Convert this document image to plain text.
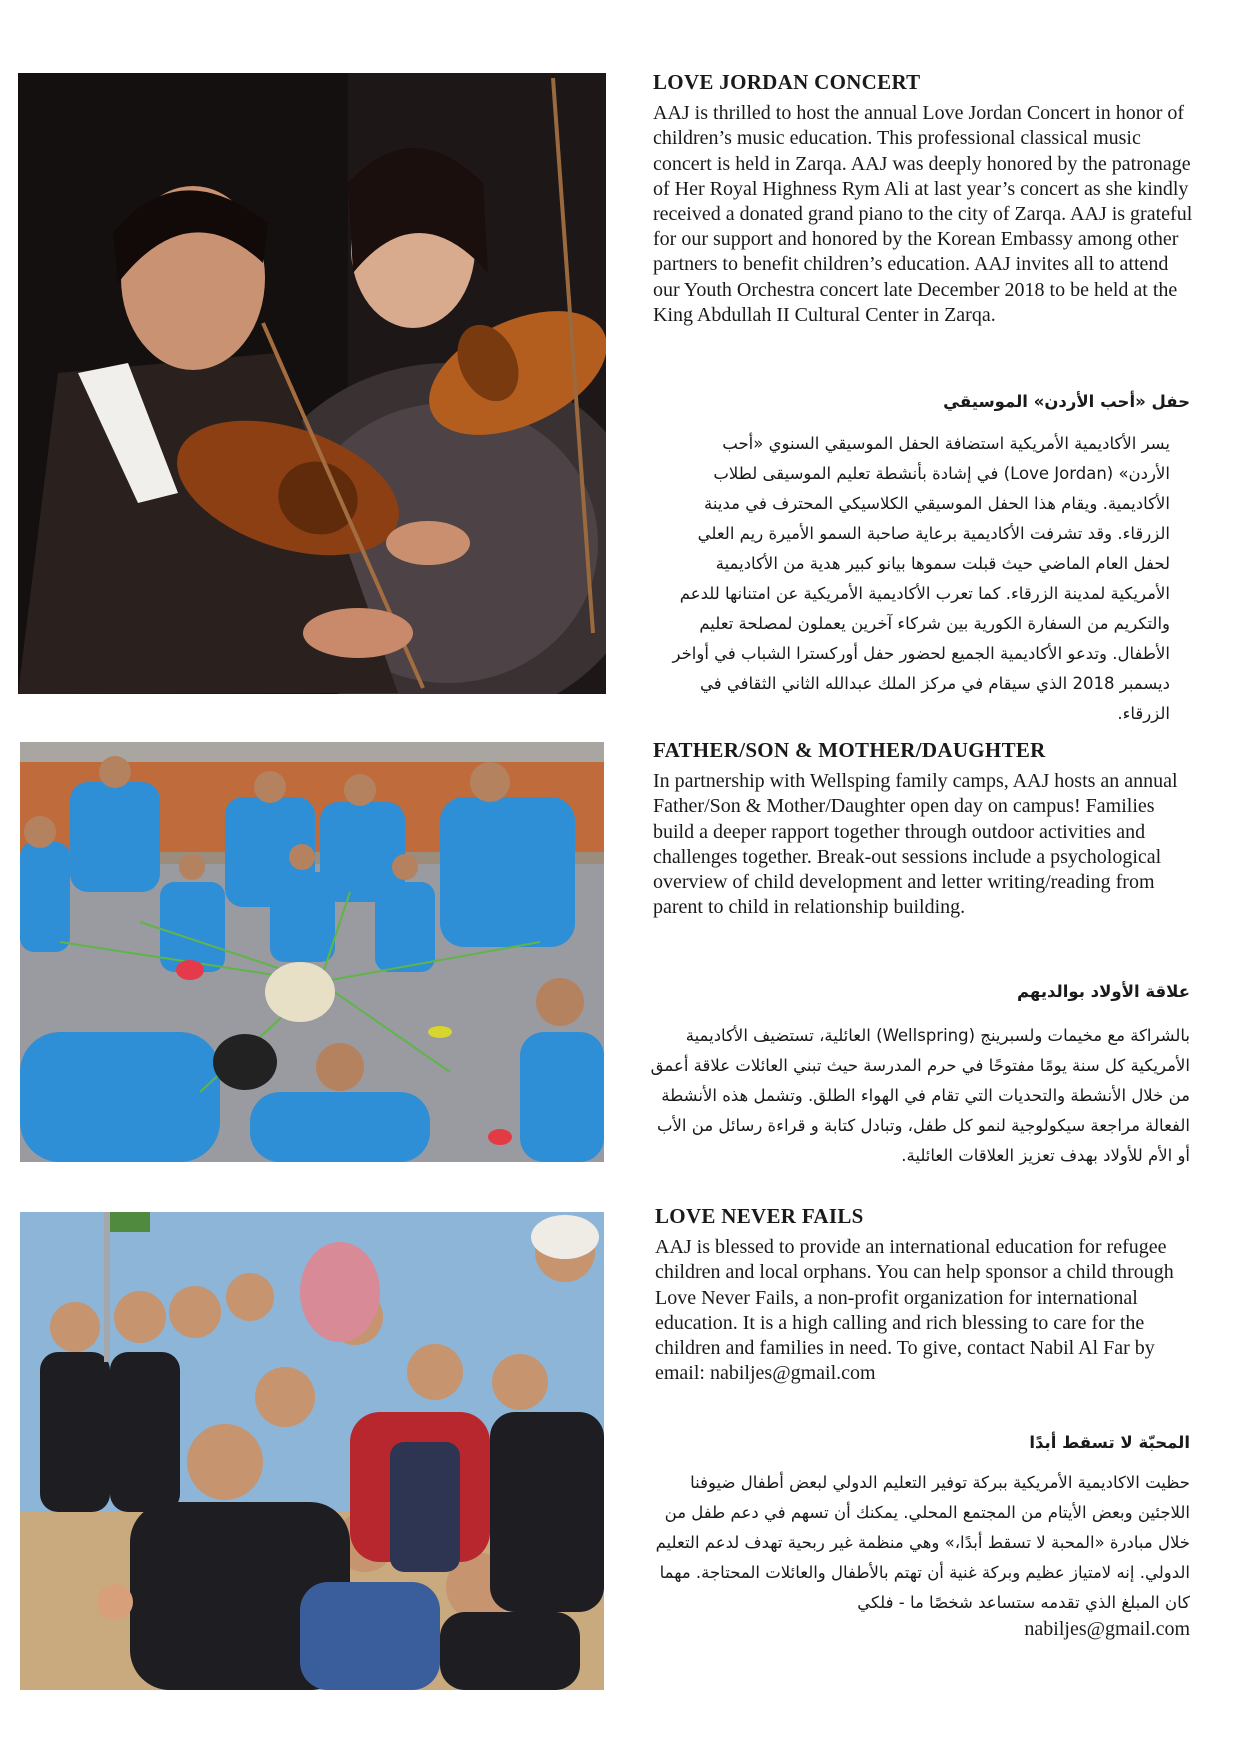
LOVE JORDAN CONCERT

AAJ is thrilled to host the annual Love Jordan Concert in honor of children’s music education. This professional classical music concert is held in Zarqa. AAJ was deeply honored by the patronage of Her Royal Highness Rym Ali at last year’s concert as she kindly received a donated grand piano to the city of Zarqa. AAJ is grateful for our support and honored by the Korean Embassy among other partners to benefit children’s education. AAJ invites all to attend our Youth Orchestra concert late December 2018 to be held at the King Abdullah II Cultural Center in Zarqa.

حفل «أحب الأردن» الموسيقي

يسر الأكاديمية الأمريكية استضافة الحفل الموسيقي السنوي «أحب الأردن» (Love Jordan) في إشادة بأنشطة تعليم الموسيقى لطلاب الأكاديمية. ويقام هذا الحفل الموسيقي الكلاسيكي المحترف في مدينة الزرقاء. وقد تشرفت الأكاديمية برعاية صاحبة السمو الأميرة ريم العلي لحفل العام الماضي حيث قبلت سموها بيانو كبير هدية من الأكاديمية الأمريكية لمدينة الزرقاء. كما تعرب الأكاديمية الأمريكية عن امتنانها للدعم والتكريم من السفارة الكورية بين شركاء آخرين يعملون لمصلحة تعليم الأطفال. وتدعو الأكاديمية الجميع لحضور حفل أوركسترا الشباب في أواخر ديسمبر 2018 الذي سيقام في مركز الملك عبدالله الثاني الثقافي في الزرقاء.

FATHER/SON & MOTHER/DAUGHTER

In partnership with Wellsping family camps, AAJ hosts an annual Father/Son & Mother/Daughter open day on campus! Families build a deeper rapport together through outdoor activities and challenges together. Break-out sessions include a psychological overview of child development and letter writing/reading from parent to child in relationship building.

علاقة الأولاد بوالديهم

بالشراكة مع مخيمات ولسبرينج (Wellspring) العائلية، تستضيف الأكاديمية الأمريكية كل سنة يومًا مفتوحًا في حرم المدرسة حيث تبني العائلات علاقة أعمق من خلال الأنشطة والتحديات التي تقام في الهواء الطلق. وتشمل هذه الأنشطة الفعالة مراجعة سيكولوجية لنمو كل طفل، وتبادل كتابة و قراءة رسائل من الأب أو الأم للأولاد بهدف تعزيز العلاقات العائلية.

LOVE NEVER FAILS

AAJ is blessed to provide an international education for refugee children and local orphans. You can help sponsor a child through Love Never Fails, a non-profit organization for international education. It is a high calling and rich blessing to care for the children and families in need. To give, contact Nabil Al Far by email: nabiljes@gmail.com

المحبّة لا تسقط أبدًا

حظيت الاكاديمية الأمريكية ببركة توفير التعليم الدولي لبعض أطفال ضيوفنا اللاجئين وبعض الأيتام من المجتمع المحلي. يمكنك أن تسهم في دعم طفل من خلال مبادرة «المحبة لا تسقط أبدًا،» وهي منظمة غير ربحية تهدف لدعم التعليم الدولي. إنه لامتياز عظيم وبركة غنية أن تهتم بالأطفال والعائلات المحتاجة. مهما كان المبلغ الذي تقدمه ستساعد شخصًا ما - فلكي

nabiljes@gmail.com
